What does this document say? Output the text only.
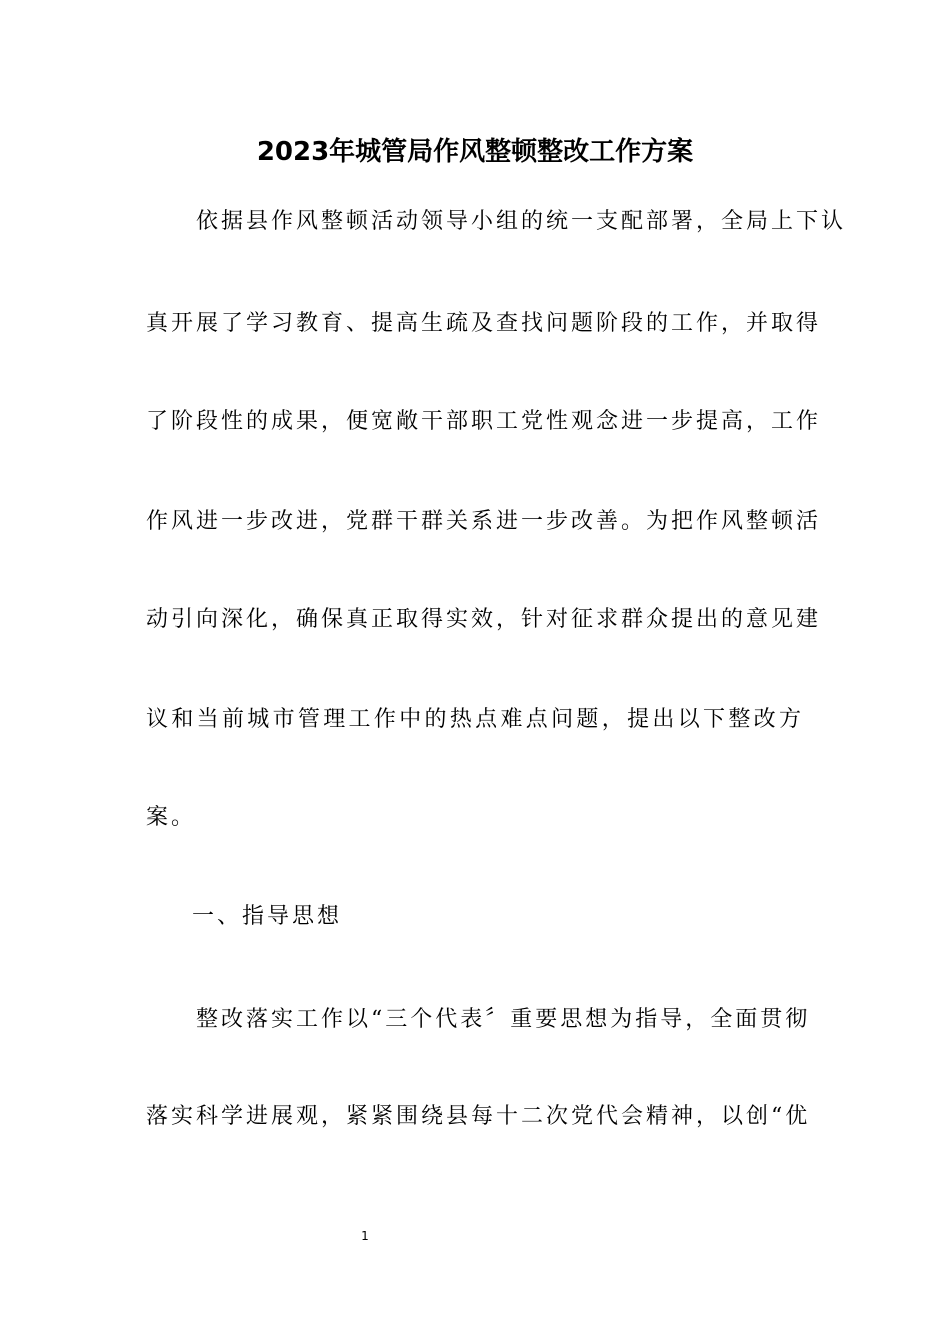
2023年城管局作风整顿整改工作方案
依据县作风整顿活动领导小组的统一支配部署，全局上下认
真开展了学习教育、提高生疏及查找问题阶段的工作，并取得
了阶段性的成果，便宽敞干部职工党性观念进一步提高，工作
作风进一步改进，党群干群关系进一步改善。为把作风整顿活
动引向深化，确保真正取得实效，针对征求群众提出的意见建
议和当前城市管理工作中的热点难点问题，提出以下整改方
案。
一、指导思想
整改落实工作以“三个代表〞重要思想为指导，全面贯彻
落实科学进展观，紧紧围绕县每十二次党代会精神，以创“优
1
